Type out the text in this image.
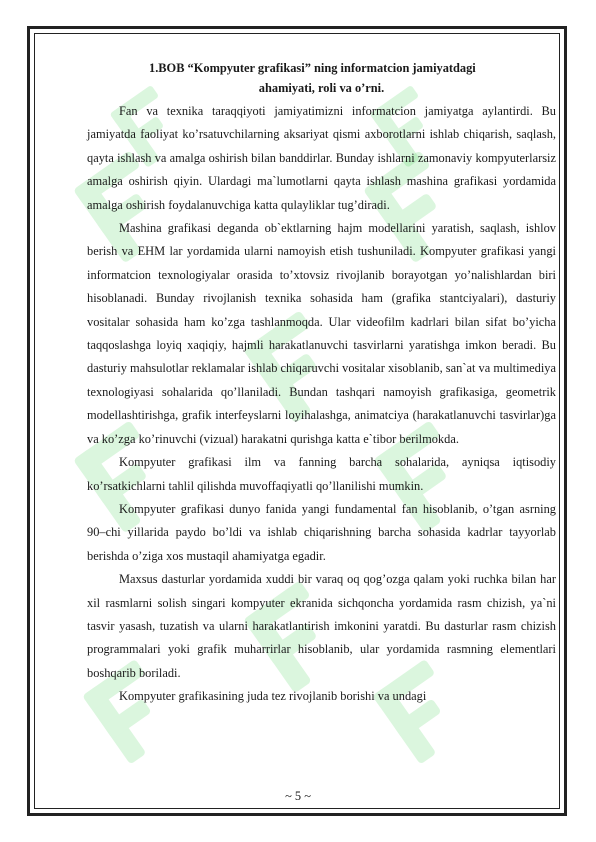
1.BOB “Kompyuter grafikasi” ning informatcion jamiyatdagi
ahamiyati, roli va o’rni.

Fan va texnika taraqqiyoti jamiyatimizni informatcion jamiyatga aylantirdi. Bu jamiyatda faoliyat ko’rsatuvchilarning aksariyat qismi axborotlarni ishlab chiqarish, saqlash, qayta ishlash va amalga oshirish bilan banddirlar. Bunday ishlarni zamonaviy kompyuterlarsiz amalga oshirish qiyin. Ulardagi ma`lumotlarni qayta ishlash mashina grafikasi yordamida amalga oshirish foydalanuvchiga katta qulayliklar tug’diradi.

Mashina grafikasi deganda ob`ektlarning hajm modellarini yaratish, saqlash, ishlov berish va EHM lar yordamida ularni namoyish etish tushuniladi. Kompyuter grafikasi yangi informatcion texnologiyalar orasida to’xtovsiz rivojlanib borayotgan yo’nalishlardan biri hisoblanadi. Bunday rivojlanish texnika sohasida ham (grafika stantciyalari), dasturiy vositalar sohasida ham ko’zga tashlanmoqda. Ular videofilm kadrlari bilan sifat bo’yicha taqqoslashga loyiq xaqiqiy, hajmli harakatlanuvchi tasvirlarni yaratishga imkon beradi. Bu dasturiy mahsulotlar reklamalar ishlab chiqaruvchi vositalar xisoblanib, san`at va multimediya texnologiyasi sohalarida qo’llaniladi. Bundan tashqari namoyish grafikasiga, geometrik modellashtirishga, grafik interfeyslarni loyihalashga, animatciya (harakatlanuvchi tasvirlar)ga va ko’zga ko’rinuvchi (vizual) harakatni qurishga katta e`tibor berilmokda.

Kompyuter grafikasi ilm va fanning barcha sohalarida, ayniqsa iqtisodiy ko’rsatkichlarni tahlil qilishda muvoffaqiyatli qo’llanilishi mumkin.

Kompyuter grafikasi dunyo fanida yangi fundamental fan hisoblanib, o’tgan asrning 90–chi yillarida paydo bo’ldi va ishlab chiqarishning barcha sohasida kadrlar tayyorlab berishda o’ziga xos mustaqil ahamiyatga egadir.

Maxsus dasturlar yordamida xuddi bir varaq oq qog’ozga qalam yoki ruchka bilan har xil rasmlarni solish singari kompyuter ekranida sichqoncha yordamida rasm chizish, ya`ni tasvir yasash, tuzatish va ularni harakatlantirish imkonini yaratdi. Bu dasturlar rasm chizish programmalari yoki grafik muharrirlar hisoblanib, ular yordamida rasmning elementlari boshqarib boriladi.

Kompyuter grafikasining juda tez rivojlanib borishi va undagi

~ 5 ~
